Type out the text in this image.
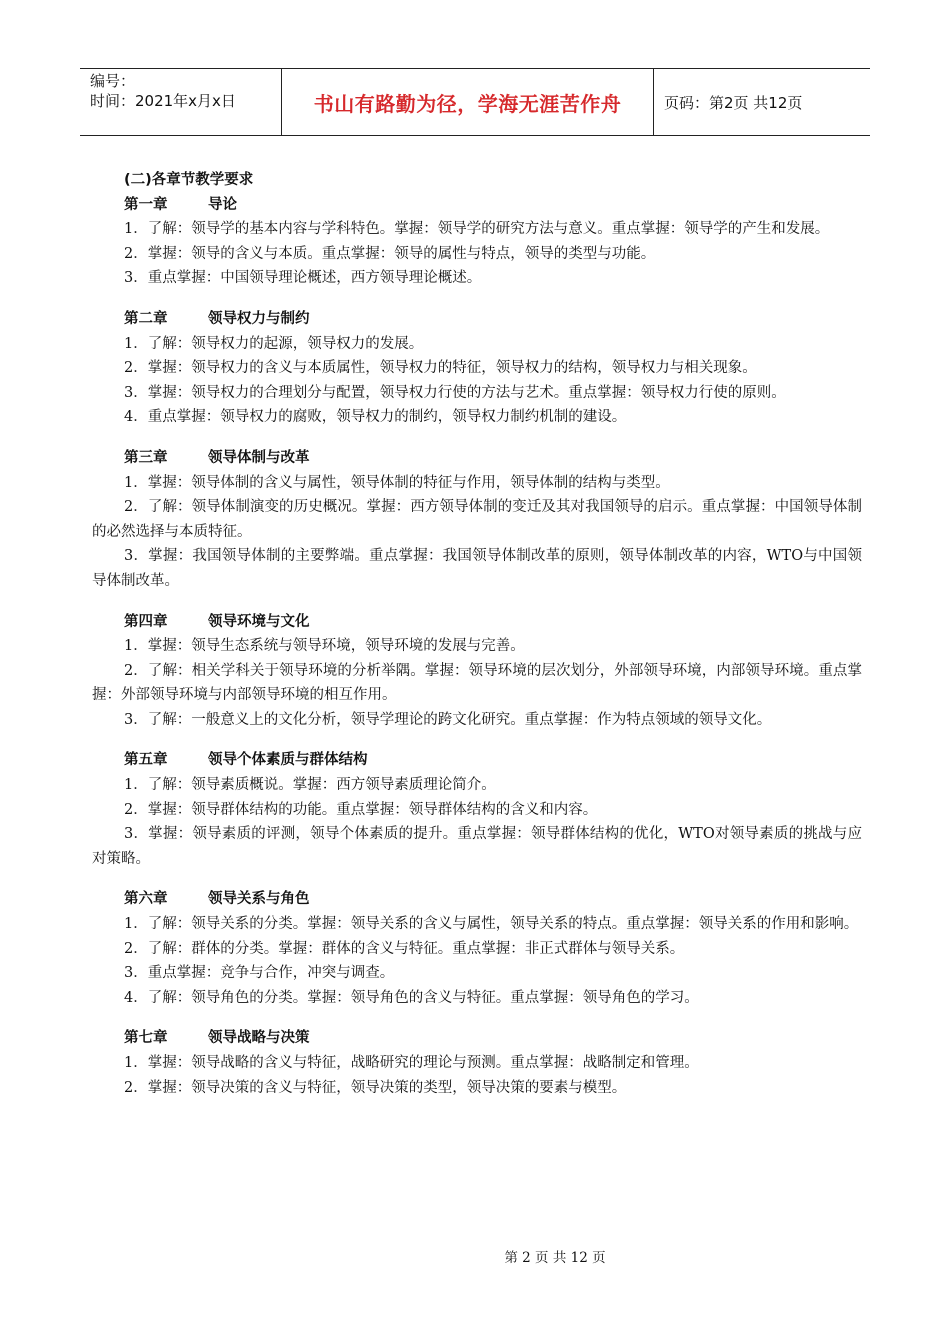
编号：
时间：2021年x月x日	书山有路勤为径，学海无涯苦作舟	页码：第2页 共12页
(二)各章节教学要求
第一章	导论
1．了解：领导学的基本内容与学科特色。掌握：领导学的研究方法与意义。重点掌握：领导学的产生和发展。
2．掌握：领导的含义与本质。重点掌握：领导的属性与特点，领导的类型与功能。
3．重点掌握：中国领导理论概述，西方领导理论概述。
第二章	领导权力与制约
1．了解：领导权力的起源，领导权力的发展。
2．掌握：领导权力的含义与本质属性，领导权力的特征，领导权力的结构，领导权力与相关现象。
3．掌握：领导权力的合理划分与配置，领导权力行使的方法与艺术。重点掌握：领导权力行使的原则。
4．重点掌握：领导权力的腐败，领导权力的制约，领导权力制约机制的建设。
第三章	领导体制与改革
1．掌握：领导体制的含义与属性，领导体制的特征与作用，领导体制的结构与类型。
2．了解：领导体制演变的历史概况。掌握：西方领导体制的变迁及其对我国领导的启示。重点掌握：中国领导体制的必然选择与本质特征。
3．掌握：我国领导体制的主要弊端。重点掌握：我国领导体制改革的原则，领导体制改革的内容，WTO与中国领导体制改革。
第四章	领导环境与文化
1．掌握：领导生态系统与领导环境，领导环境的发展与完善。
2．了解：相关学科关于领导环境的分析举隅。掌握：领导环境的层次划分，外部领导环境，内部领导环境。重点掌握：外部领导环境与内部领导环境的相互作用。
3．了解：一般意义上的文化分析，领导学理论的跨文化研究。重点掌握：作为特点领域的领导文化。
第五章	领导个体素质与群体结构
1．了解：领导素质概说。掌握：西方领导素质理论简介。
2．掌握：领导群体结构的功能。重点掌握：领导群体结构的含义和内容。
3．掌握：领导素质的评测，领导个体素质的提升。重点掌握：领导群体结构的优化，WTO对领导素质的挑战与应对策略。
第六章	领导关系与角色
1．了解：领导关系的分类。掌握：领导关系的含义与属性，领导关系的特点。重点掌握：领导关系的作用和影响。
2．了解：群体的分类。掌握：群体的含义与特征。重点掌握：非正式群体与领导关系。
3．重点掌握：竞争与合作，冲突与调查。
4．了解：领导角色的分类。掌握：领导角色的含义与特征。重点掌握：领导角色的学习。
第七章	领导战略与决策
1．掌握：领导战略的含义与特征，战略研究的理论与预测。重点掌握：战略制定和管理。
2．掌握：领导决策的含义与特征，领导决策的类型，领导决策的要素与模型。
第 2 页 共 12 页
